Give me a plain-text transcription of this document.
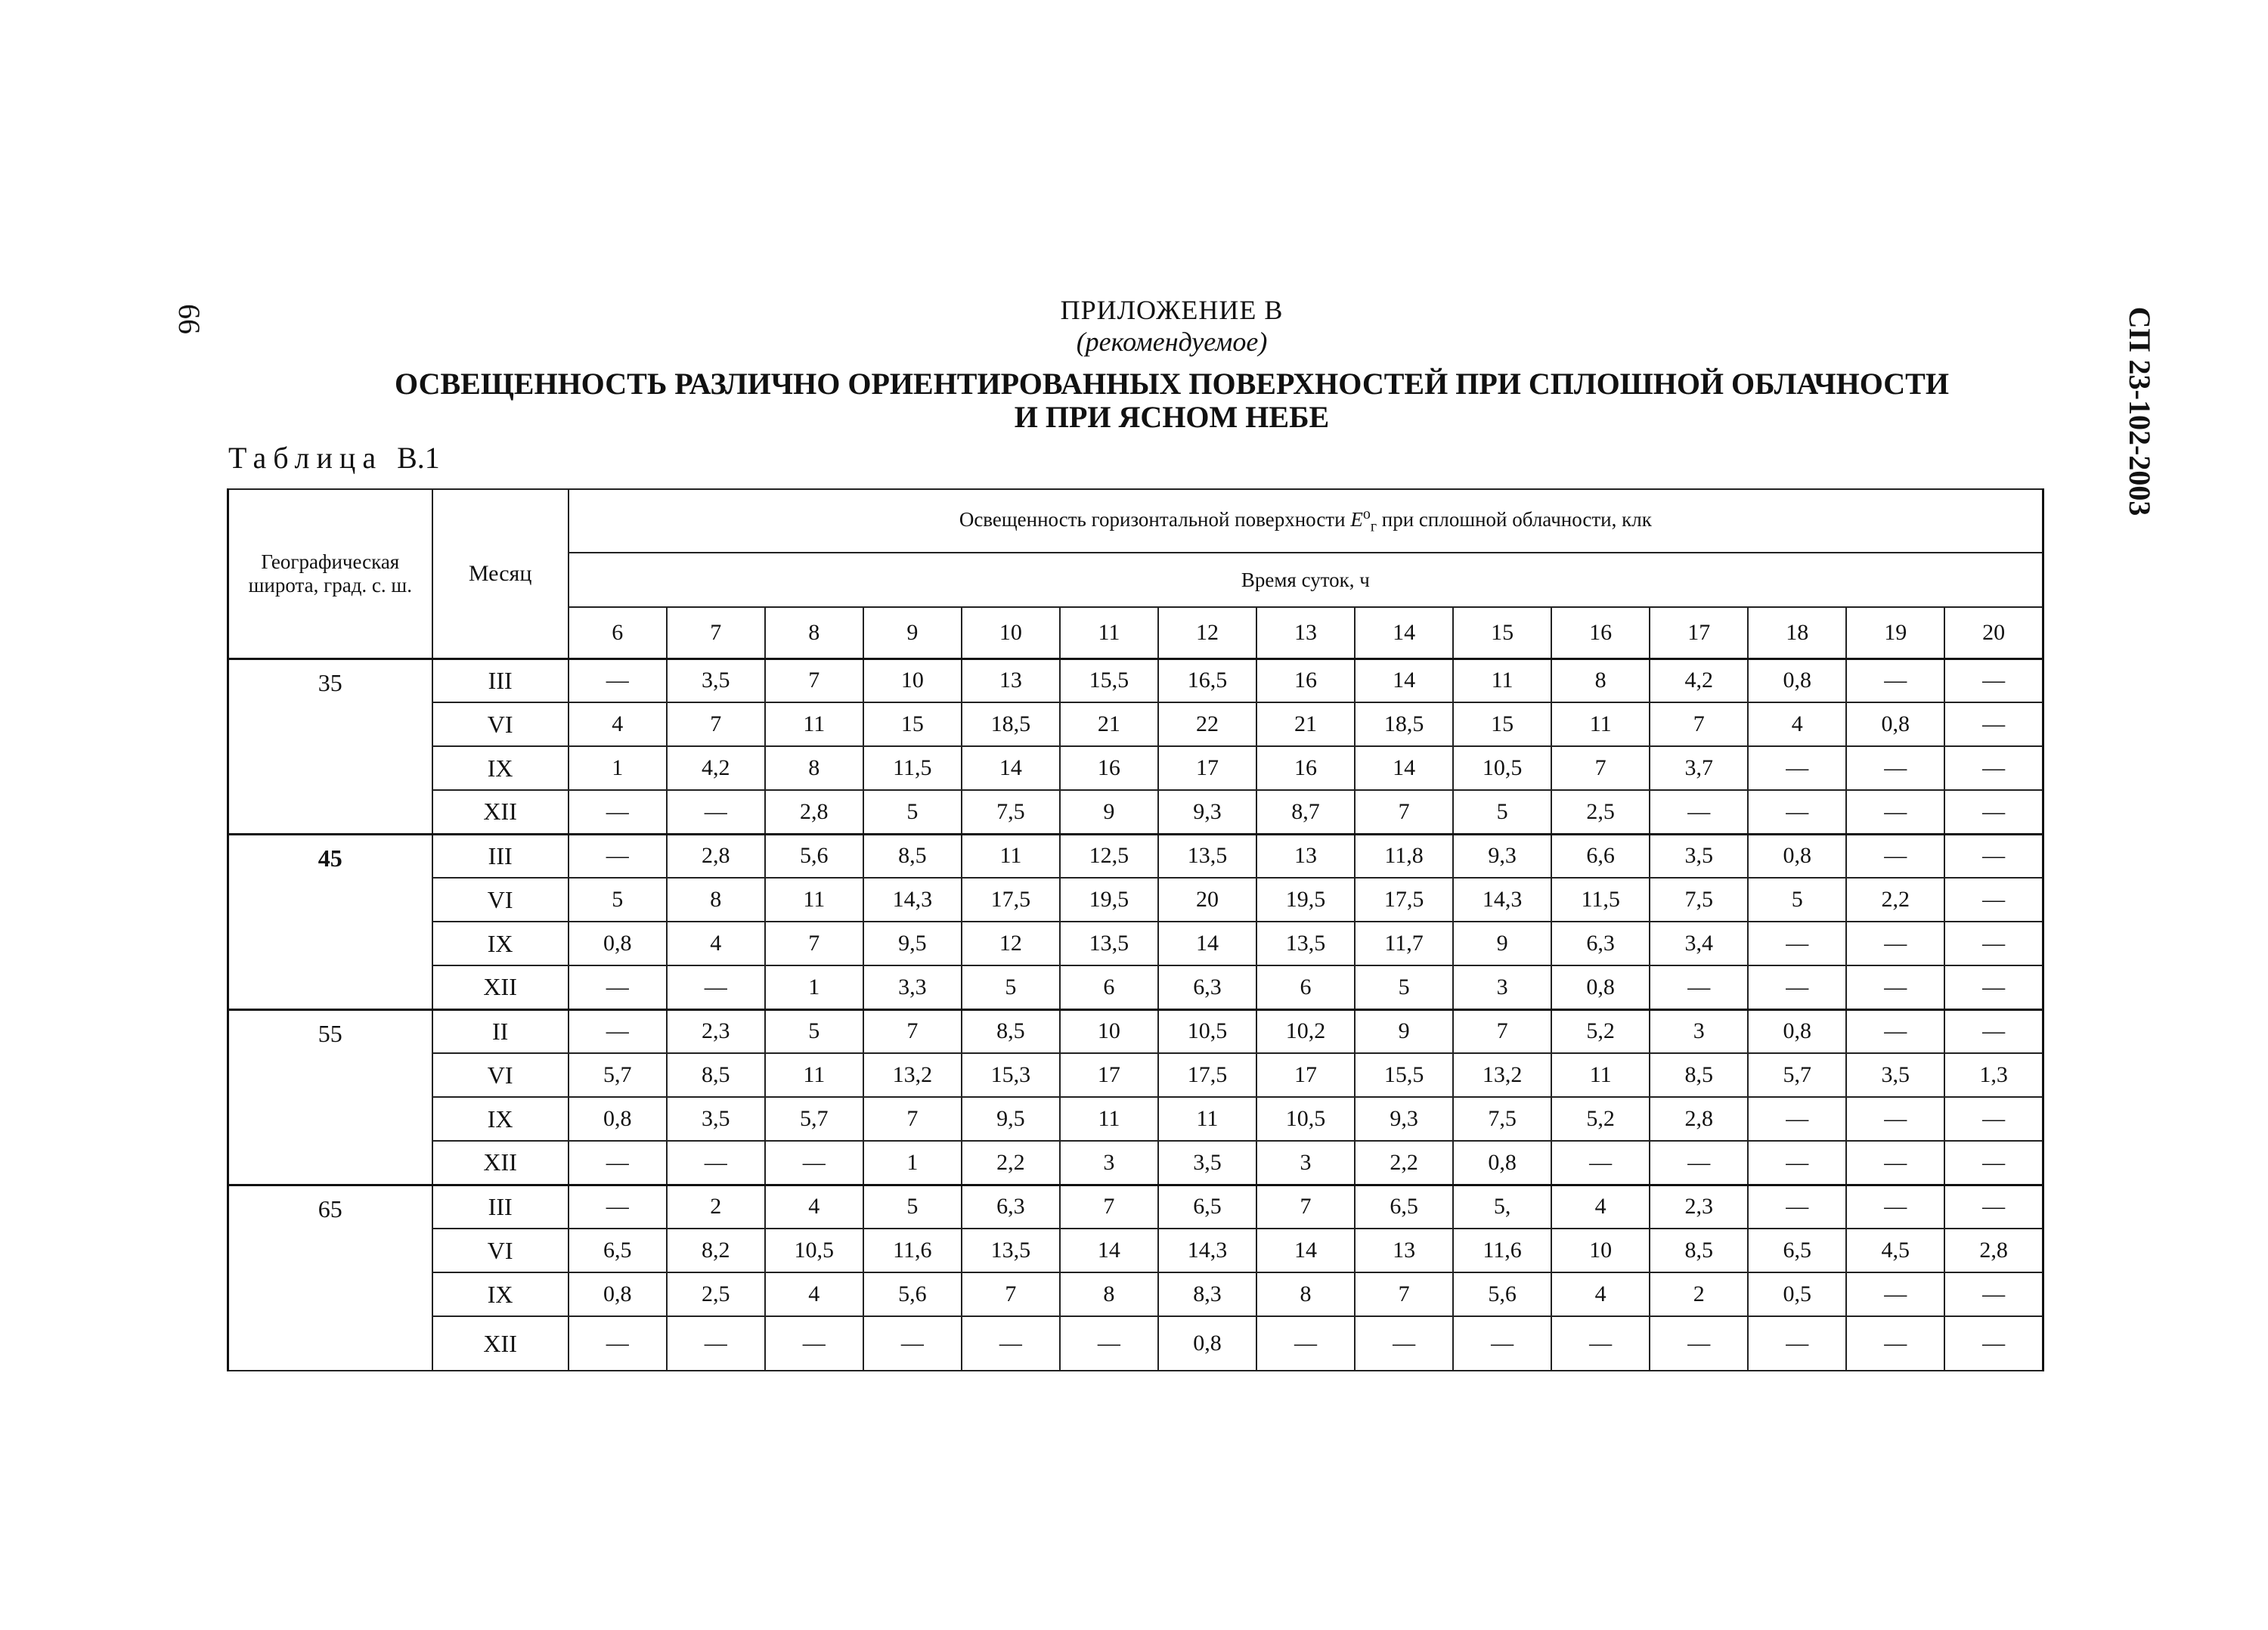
66	СП 23-102-2003
ПРИЛОЖЕНИЕ В
(рекомендуемое)
ОСВЕЩЕННОСТЬ РАЗЛИЧНО ОРИЕНТИРОВАННЫХ ПОВЕРХНОСТЕЙ ПРИ СПЛОШНОЙ ОБЛАЧНОСТИ
И ПРИ ЯСНОМ НЕБЕ
Таблица В.1
Географическая широта, град. с. ш.	Месяц	Освещенность горизонтальной поверхности $E^о_г$ при сплошной облачности, клк														
		Время суток, ч														
		6	7	8	9	10	11	12	13	14	15	16	17	18	19	20
35	III	—	3,5	7	10	13	15,5	16,5	16	14	11	8	4,2	0,8	—	—
	VI	4	7	11	15	18,5	21	22	21	18,5	15	11	7	4	0,8	—
	IX	1	4,2	8	11,5	14	16	17	16	14	10,5	7	3,7	—	—	—
	XII	—	—	2,8	5	7,5	9	9,3	8,7	7	5	2,5	—	—	—	—
45	III	—	2,8	5,6	8,5	11	12,5	13,5	13	11,8	9,3	6,6	3,5	0,8	—	—
	VI	5	8	11	14,3	17,5	19,5	20	19,5	17,5	14,3	11,5	7,5	5	2,2	—
	IX	0,8	4	7	9,5	12	13,5	14	13,5	11,7	9	6,3	3,4	—	—	—
	XII	—	—	1	3,3	5	6	6,3	6	5	3	0,8	—	—	—	—
55	II	—	2,3	5	7	8,5	10	10,5	10,2	9	7	5,2	3	0,8	—	—
	VI	5,7	8,5	11	13,2	15,3	17	17,5	17	15,5	13,2	11	8,5	5,7	3,5	1,3
	IX	0,8	3,5	5,7	7	9,5	11	11	10,5	9,3	7,5	5,2	2,8	—	—	—
	XII	—	—	—	1	2,2	3	3,5	3	2,2	0,8	—	—	—	—	—
65	III	—	2	4	5	6,3	7	6,5	7	6,5	5,	4	2,3	—	—	—
	VI	6,5	8,2	10,5	11,6	13,5	14	14,3	14	13	11,6	10	8,5	6,5	4,5	2,8
	IX	0,8	2,5	4	5,6	7	8	8,3	8	7	5,6	4	2	0,5	—	—
	XII	—	—	—	—	—	—	0,8	—	—	—	—	—	—	—	—
